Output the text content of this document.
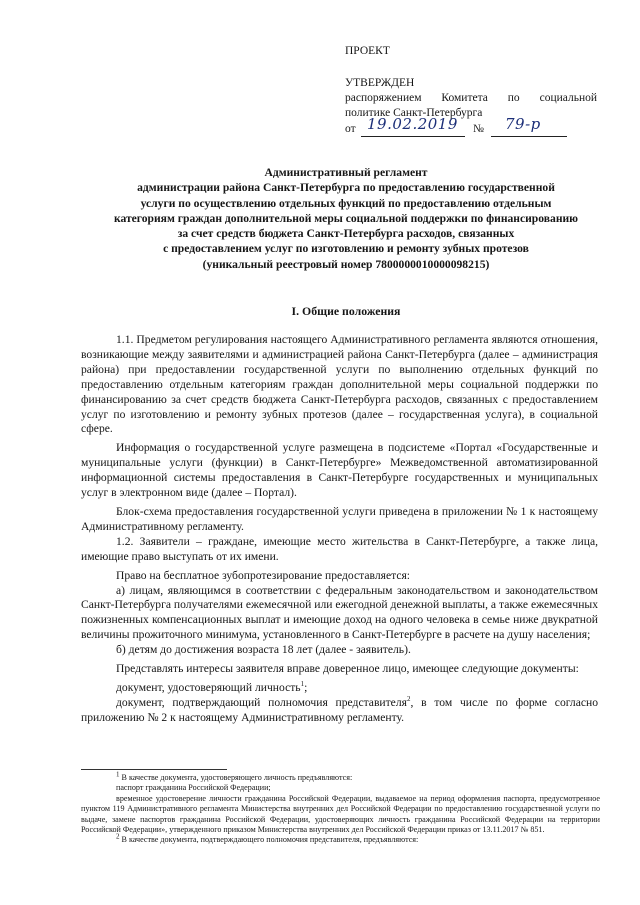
ПРОЕКТ
УТВЕРЖДЕН
распоряжением Комитета по социальной
политике Санкт-Петербурга
от 19.02.2019 № 79-р
Административный регламент
администрации района Санкт-Петербурга по предоставлению государственной
услуги по осуществлению отдельных функций по предоставлению отдельным
категориям граждан дополнительной меры социальной поддержки по финансированию
за счет средств бюджета Санкт-Петербурга расходов, связанных
с предоставлением услуг по изготовлению и ремонту зубных протезов
(уникальный реестровый номер 7800000010000098215)
I. Общие положения

1.1. Предметом регулирования настоящего Административного регламента являются отношения, возникающие между заявителями и администрацией района Санкт-Петербурга (далее – администрация района) при предоставлении государственной услуги по выполнению отдельных функций по предоставлению отдельным категориям граждан дополнительной меры социальной поддержки по финансированию за счет средств бюджета Санкт-Петербурга расходов, связанных с предоставлением услуг по изготовлению и ремонту зубных протезов (далее – государственная услуга), в социальной сфере.

Информация о государственной услуге размещена в подсистеме «Портал «Государственные и муниципальные услуги (функции) в Санкт-Петербурге» Межведомственной автоматизированной информационной системы предоставления в Санкт-Петербурге государственных и муниципальных услуг в электронном виде (далее – Портал).

Блок-схема предоставления государственной услуги приведена в приложении № 1 к настоящему Административному регламенту.

1.2. Заявители – граждане, имеющие место жительства в Санкт-Петербурге, а также лица, имеющие право выступать от их имени.

Право на бесплатное зубопротезирование предоставляется:

а) лицам, являющимся в соответствии с федеральным законодательством и законодательством Санкт-Петербурга получателями ежемесячной или ежегодной денежной выплаты, а также ежемесячных пожизненных компенсационных выплат и имеющие доход на одного человека в семье ниже двукратной величины прожиточного минимума, установленного в Санкт-Петербурге в расчете на душу населения;

б) детям до достижения возраста 18 лет (далее - заявитель).

Представлять интересы заявителя вправе доверенное лицо, имеющее следующие документы:

документ, удостоверяющий личность$^1$;

документ, подтверждающий полномочия представителя$^2$, в том числе по форме согласно приложению № 2 к настоящему Административному регламенту.

$^1$ В качестве документа, удостоверяющего личность предъявляются:

паспорт гражданина Российской Федерации;

временное удостоверение личности гражданина Российской Федерации, выдаваемое на период оформления паспорта, предусмотренное пунктом 119 Административного регламента Министерства внутренних дел Российской Федерации по предоставлению государственной услуги по выдаче, замене паспортов гражданина Российской Федерации, удостоверяющих личность гражданина Российской Федерации на территории Российской Федерации», утвержденного приказом Министерства внутренних дел Российской Федерации приказ от 13.11.2017 № 851.

$^2$ В качестве документа, подтверждающего полномочия представителя, предъявляются:
